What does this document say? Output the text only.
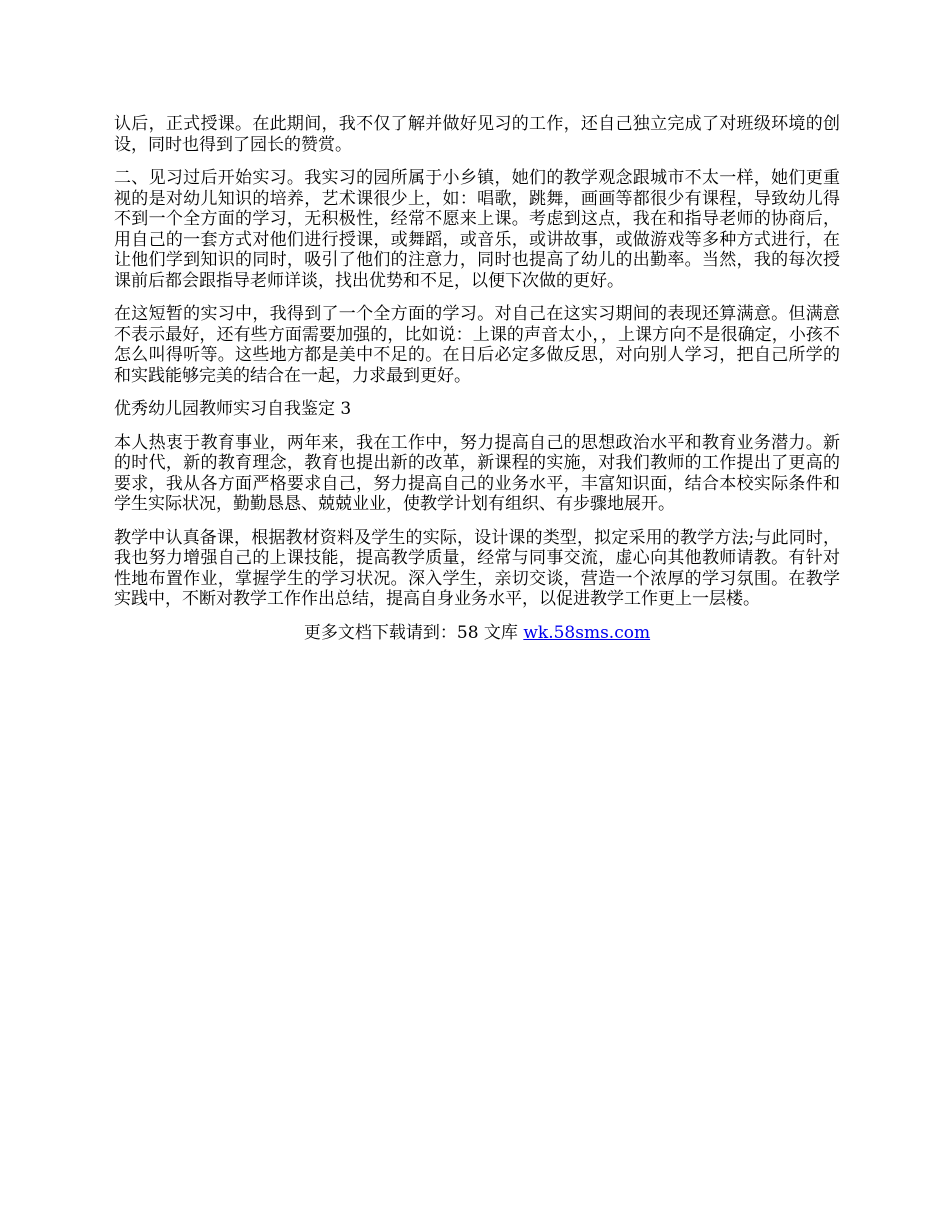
认后，正式授课。在此期间，我不仅了解并做好见习的工作，还自己独立完成了对班级环境的创设，同时也得到了园长的赞赏。

二、见习过后开始实习。我实习的园所属于小乡镇，她们的教学观念跟城市不太一样，她们更重视的是对幼儿知识的培养，艺术课很少上，如：唱歌，跳舞，画画等都很少有课程，导致幼儿得不到一个全方面的学习，无积极性，经常不愿来上课。考虑到这点，我在和指导老师的协商后，用自己的一套方式对他们进行授课，或舞蹈，或音乐，或讲故事，或做游戏等多种方式进行，在让他们学到知识的同时，吸引了他们的注意力，同时也提高了幼儿的出勤率。当然，我的每次授课前后都会跟指导老师详谈，找出优势和不足，以便下次做的更好。

在这短暂的实习中，我得到了一个全方面的学习。对自己在这实习期间的表现还算满意。但满意不表示最好，还有些方面需要加强的，比如说：上课的声音太小，，上课方向不是很确定，小孩不怎么叫得听等。这些地方都是美中不足的。在日后必定多做反思，对向别人学习，把自己所学的和实践能够完美的结合在一起，力求最到更好。

优秀幼儿园教师实习自我鉴定 3

本人热衷于教育事业，两年来，我在工作中，努力提高自己的思想政治水平和教育业务潜力。新的时代，新的教育理念，教育也提出新的改革，新课程的实施，对我们教师的工作提出了更高的要求，我从各方面严格要求自己，努力提高自己的业务水平，丰富知识面，结合本校实际条件和学生实际状况，勤勤恳恳、兢兢业业，使教学计划有组织、有步骤地展开。

教学中认真备课，根据教材资料及学生的实际，设计课的类型，拟定采用的教学方法;与此同时，我也努力增强自己的上课技能，提高教学质量，经常与同事交流，虚心向其他教师请教。有针对性地布置作业，掌握学生的学习状况。深入学生，亲切交谈，营造一个浓厚的学习氛围。在教学实践中，不断对教学工作作出总结，提高自身业务水平，以促进教学工作更上一层楼。

更多文档下载请到：58 文库 wk.58sms.com
